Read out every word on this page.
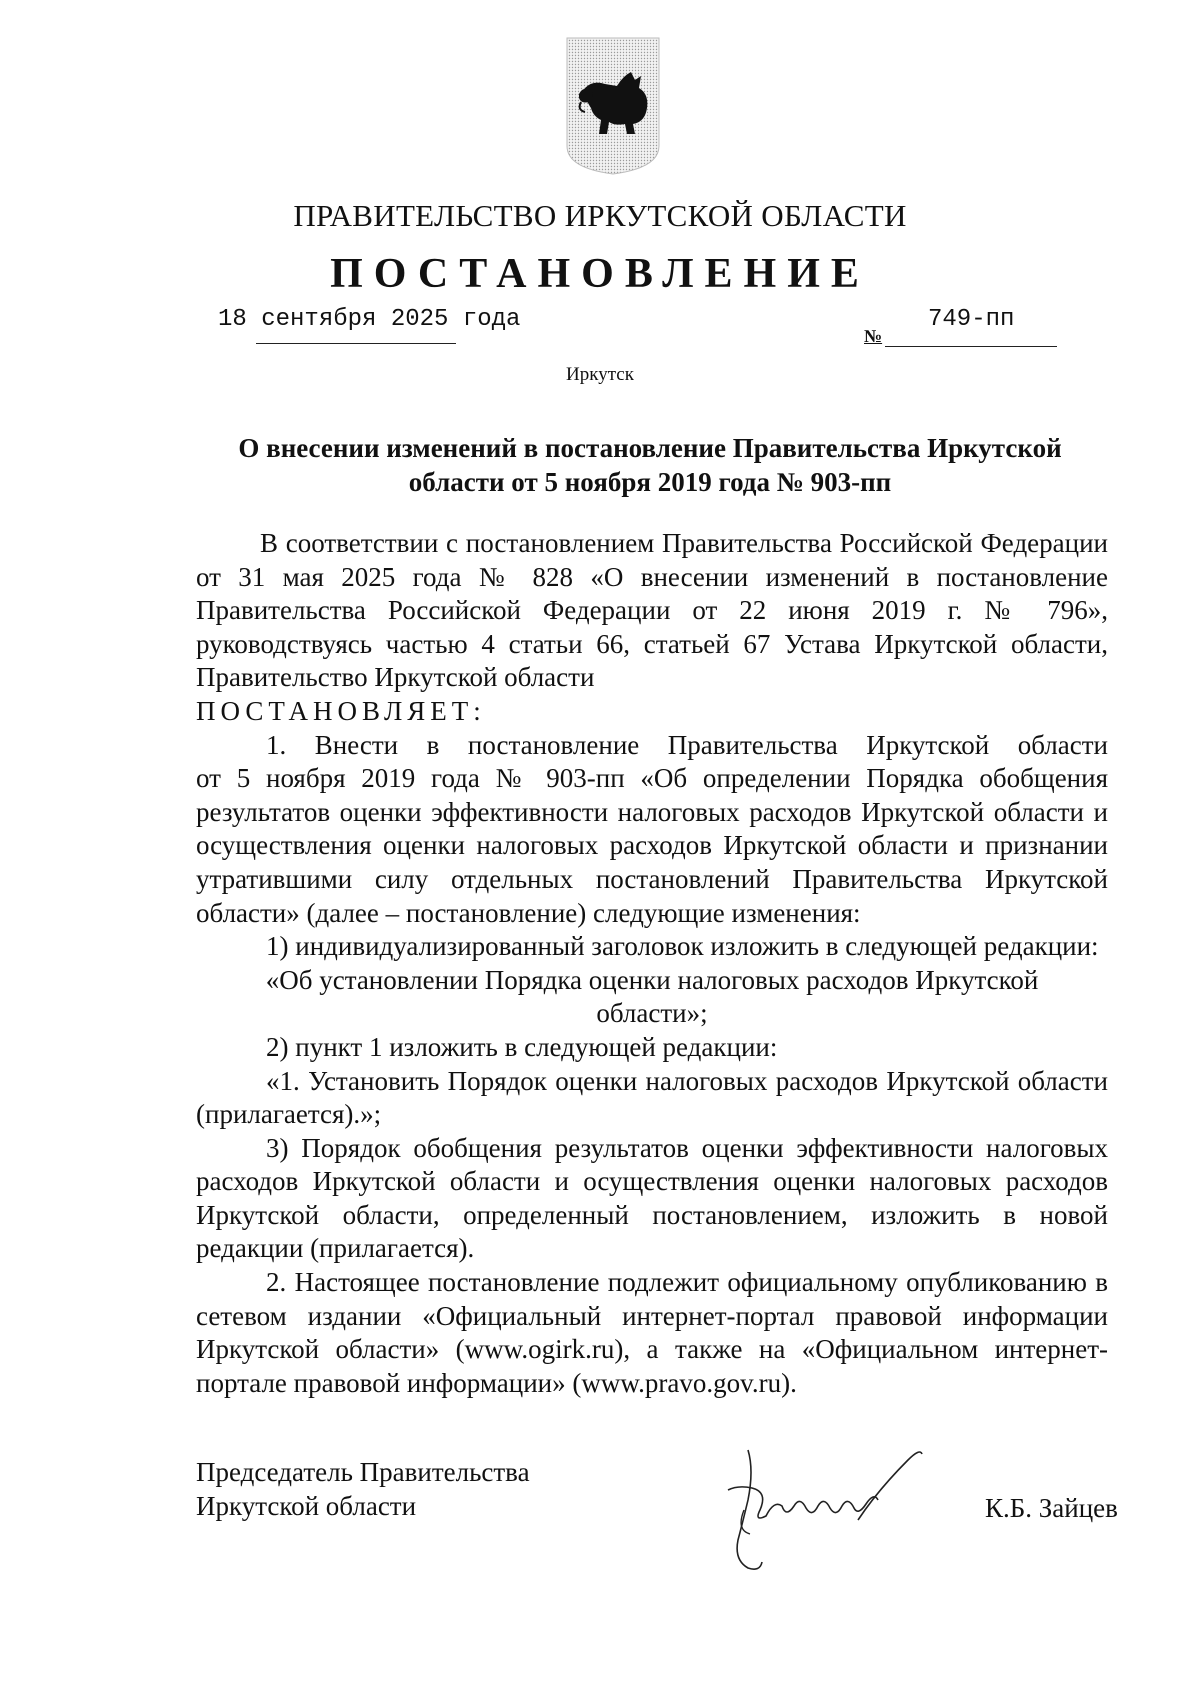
ПРАВИТЕЛЬСТВО ИРКУТСКОЙ ОБЛАСТИ
ПОСТАНОВЛЕНИЕ
18 сентября 2025 года
№
749-пп
Иркутск
О внесении изменений в постановление Правительства Иркутской
области от 5 ноября 2019 года № 903-пп

В соответствии с постановлением Правительства Российской Федерации

от 31 мая 2025 года № 828 «О внесении изменений в постановление

Правительства Российской Федерации от 22 июня 2019 г. № 796»,

руководствуясь частью 4 статьи 66, статьей 67 Устава Иркутской области,

Правительство Иркутской области

ПОСТАНОВЛЯЕТ:

1. Внести в постановление Правительства Иркутской области

от 5 ноября 2019 года № 903-пп «Об определении Порядка обобщения

результатов оценки эффективности налоговых расходов Иркутской области и

осуществления оценки налоговых расходов Иркутской области и признании

утратившими силу отдельных постановлений Правительства Иркутской

области» (далее – постановление) следующие изменения:

1) индивидуализированный заголовок изложить в следующей редакции:

«Об установлении Порядка оценки налоговых расходов Иркутской

области»;

2) пункт 1 изложить в следующей редакции:

«1. Установить Порядок оценки налоговых расходов Иркутской области

(прилагается).»;

3) Порядок обобщения результатов оценки эффективности налоговых

расходов Иркутской области и осуществления оценки налоговых расходов

Иркутской области, определенный постановлением, изложить в новой

редакции (прилагается).

2. Настоящее постановление подлежит официальному опубликованию в

сетевом издании «Официальный интернет-портал правовой информации

Иркутской области» (www.ogirk.ru), а также на «Официальном интернет-

портале правовой информации» (www.pravo.gov.ru).

Председатель Правительства
Иркутской области	К.Б. Зайцев
